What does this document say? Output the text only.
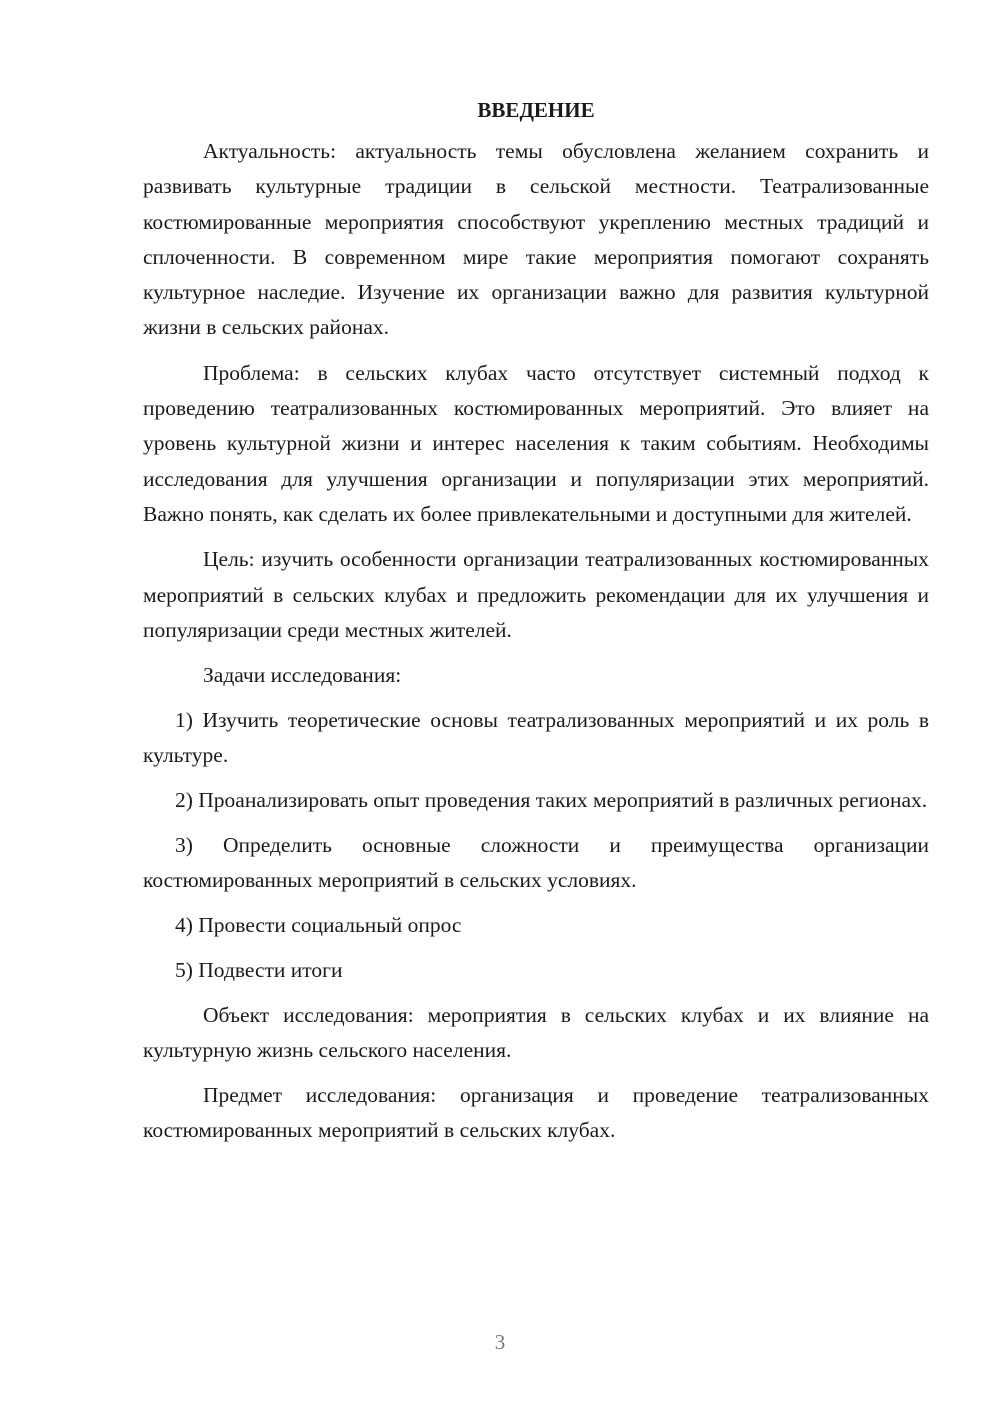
ВВЕДЕНИЕ

Актуальность: актуальность темы обусловлена желанием сохранить и развивать культурные традиции в сельской местности. Театрализованные костюмированные мероприятия способствуют укреплению местных традиций и сплоченности. В современном мире такие мероприятия помогают сохранять культурное наследие. Изучение их организации важно для развития культурной жизни в сельских районах.

Проблема: в сельских клубах часто отсутствует системный подход к проведению театрализованных костюмированных мероприятий. Это влияет на уровень культурной жизни и интерес населения к таким событиям. Необходимы исследования для улучшения организации и популяризации этих мероприятий. Важно понять, как сделать их более привлекательными и доступными для жителей.

Цель: изучить особенности организации театрализованных костюмированных мероприятий в сельских клубах и предложить рекомендации для их улучшения и популяризации среди местных жителей.

Задачи исследования:

1) Изучить теоретические основы театрализованных мероприятий и их роль в культуре.

2) Проанализировать опыт проведения таких мероприятий в различных регионах.

3) Определить основные сложности и преимущества организации костюмированных мероприятий в сельских условиях.

4) Провести социальный опрос

5) Подвести итоги

Объект исследования: мероприятия в сельских клубах и их влияние на культурную жизнь сельского населения.

Предмет исследования: организация и проведение театрализованных костюмированных мероприятий в сельских клубах.

3
